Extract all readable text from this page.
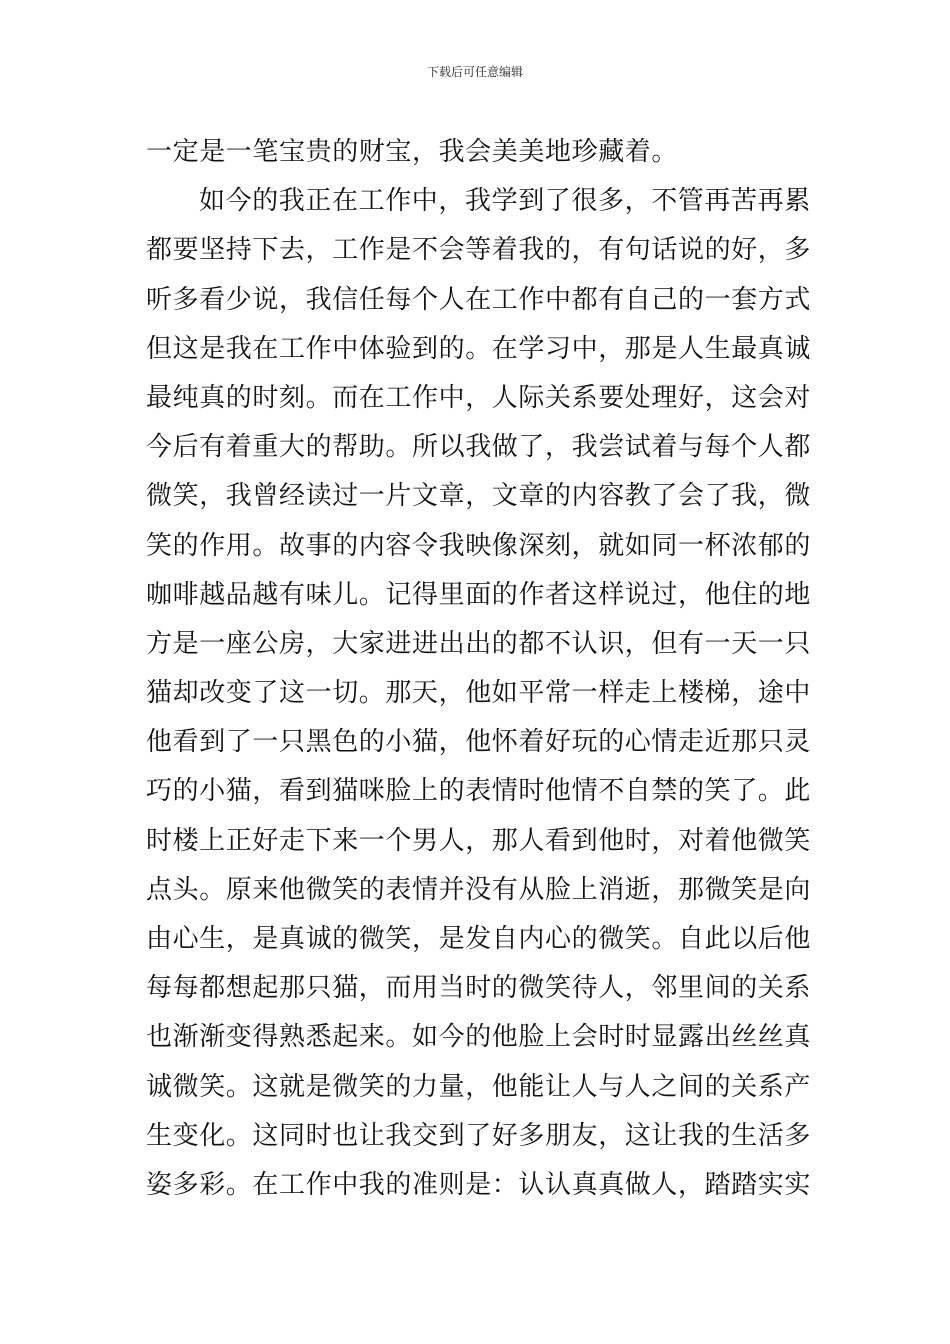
下载后可任意编辑
一定是一笔宝贵的财宝，我会美美地珍藏着。
如今的我正在工作中，我学到了很多，不管再苦再累
都要坚持下去，工作是不会等着我的，有句话说的好，多
听多看少说，我信任每个人在工作中都有自己的一套方式
但这是我在工作中体验到的。在学习中，那是人生最真诚
最纯真的时刻。而在工作中，人际关系要处理好，这会对
今后有着重大的帮助。所以我做了，我尝试着与每个人都
微笑，我曾经读过一片文章，文章的内容教了会了我，微
笑的作用。故事的内容令我映像深刻，就如同一杯浓郁的
咖啡越品越有味儿。记得里面的作者这样说过，他住的地
方是一座公房，大家进进出出的都不认识，但有一天一只
猫却改变了这一切。那天，他如平常一样走上楼梯，途中
他看到了一只黑色的小猫，他怀着好玩的心情走近那只灵
巧的小猫，看到猫咪脸上的表情时他情不自禁的笑了。此
时楼上正好走下来一个男人，那人看到他时，对着他微笑
点头。原来他微笑的表情并没有从脸上消逝，那微笑是向
由心生，是真诚的微笑，是发自内心的微笑。自此以后他
每每都想起那只猫，而用当时的微笑待人，邻里间的关系
也渐渐变得熟悉起来。如今的他脸上会时时显露出丝丝真
诚微笑。这就是微笑的力量，他能让人与人之间的关系产
生变化。这同时也让我交到了好多朋友，这让我的生活多
姿多彩。在工作中我的准则是：认认真真做人，踏踏实实
